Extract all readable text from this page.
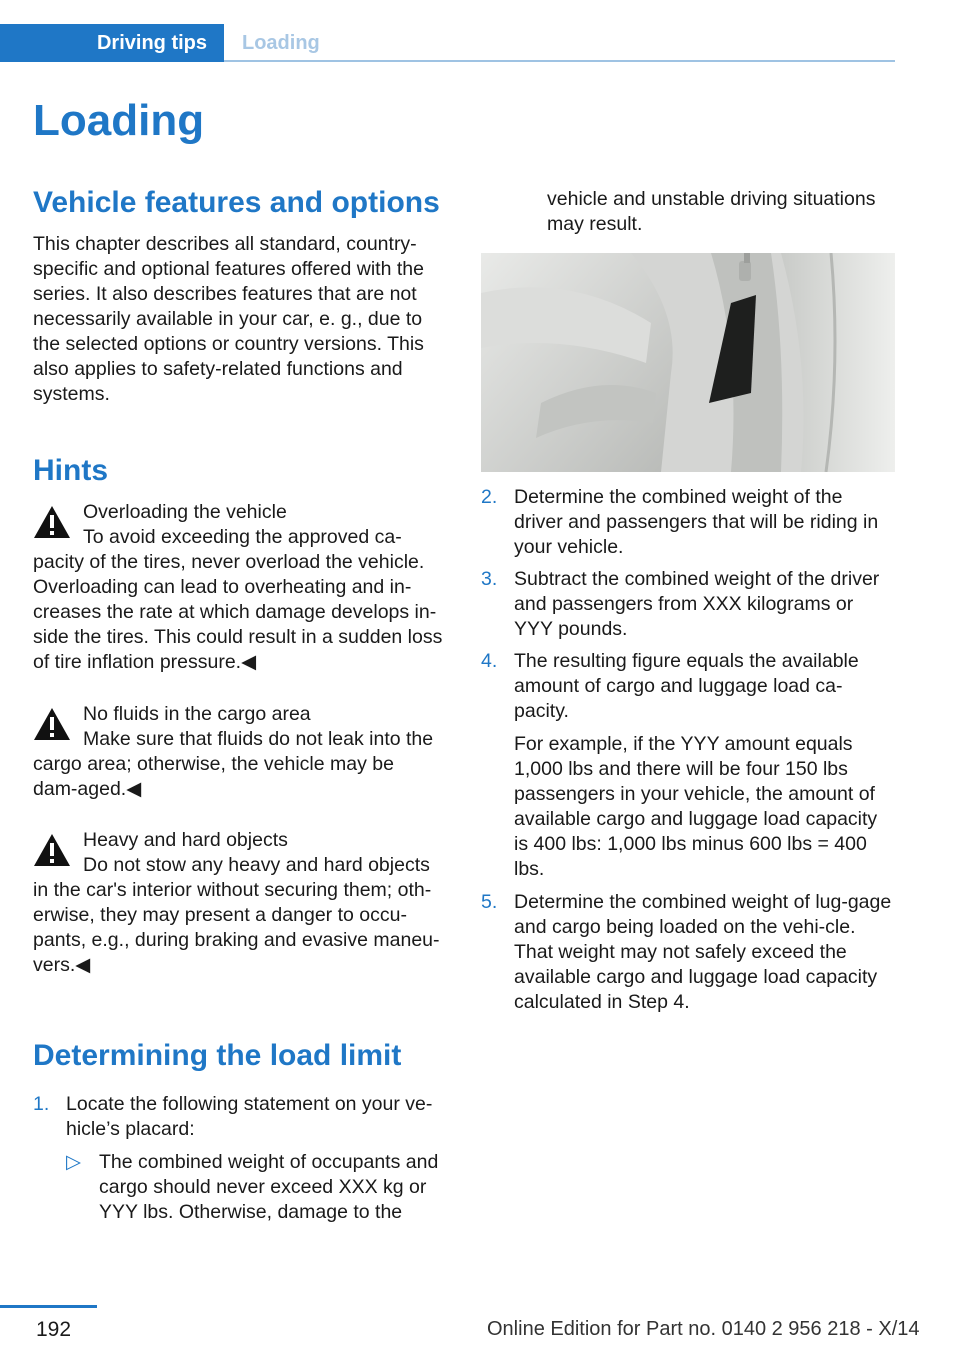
Driving tips	Loading
Loading
Vehicle features and options
This chapter describes all standard, country-specific and optional features offered with the series. It also describes features that are not necessarily available in your car, e. g., due to the selected options or country versions. This also applies to safety-related functions and systems.
Hints
Overloading the vehicle
To avoid exceeding the approved ca-pacity of the tires, never overload the vehicle. Overloading can lead to overheating and in-creases the rate at which damage develops in-side the tires. This could result in a sudden loss of tire inflation pressure.◀
No fluids in the cargo area
Make sure that fluids do not leak into the cargo area; otherwise, the vehicle may be dam-aged.◀
Heavy and hard objects
Do not stow any heavy and hard objects in the car's interior without securing them; oth-erwise, they may present a danger to occu-pants, e.g., during braking and evasive maneu-vers.◀
Determining the load limit
1. Locate the following statement on your ve-hicle’s placard:
▷ The combined weight of occupants and cargo should never exceed XXX kg or YYY lbs. Otherwise, damage to the
vehicle and unstable driving situations may result.
2. Determine the combined weight of the driver and passengers that will be riding in your vehicle.
3. Subtract the combined weight of the driver and passengers from XXX kilograms or YYY pounds.
4. The resulting figure equals the available amount of cargo and luggage load ca-pacity.
For example, if the YYY amount equals 1,000 lbs and there will be four 150 lbs passengers in your vehicle, the amount of available cargo and luggage load capacity is 400 lbs: 1,000 lbs minus 600 lbs = 400 lbs.
5. Determine the combined weight of lug-gage and cargo being loaded on the vehi-cle. That weight may not safely exceed the available cargo and luggage load capacity calculated in Step 4.
192	Online Edition for Part no. 0140 2 956 218 - X/14
